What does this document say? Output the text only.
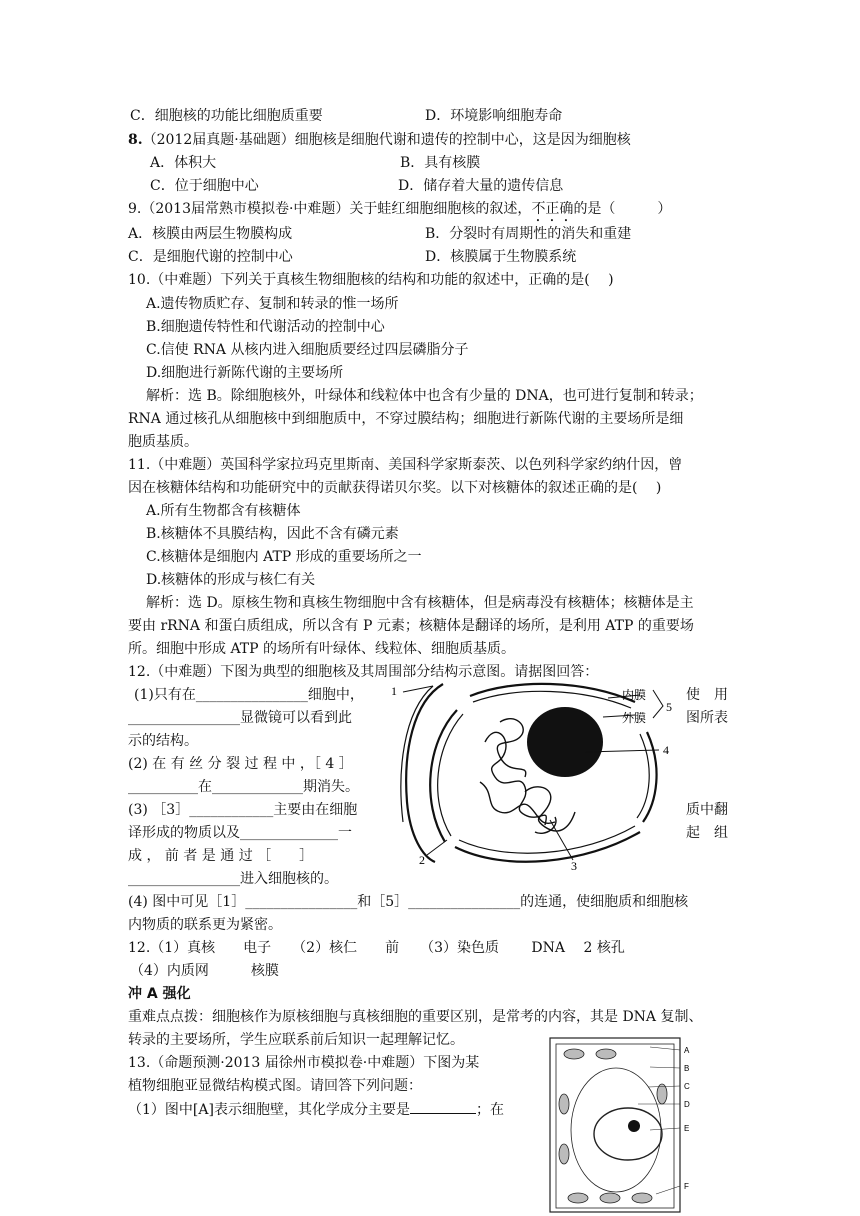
C．细胞核的功能比细胞质重要	D．环境影响细胞寿命
8.（2012届真题·基础题）细胞核是细胞代谢和遗传的控制中心，这是因为细胞核
A．体积大	B．具有核膜
C．位于细胞中心	D．储存着大量的遗传信息
9.（2013届常熟市模拟卷·中难题）关于蛙红细胞细胞核的叙述，不正确的是（　　　）
A．核膜由两层生物膜构成	B．分裂时有周期性的消失和重建
C．是细胞代谢的控制中心	D．核膜属于生物膜系统
10.（中难题）下列关于真核生物细胞核的结构和功能的叙述中，正确的是(　 )
A.遗传物质贮存、复制和转录的惟一场所
B.细胞遗传特性和代谢活动的控制中心
C.信使 RNA 从核内进入细胞质要经过四层磷脂分子
D.细胞进行新陈代谢的主要场所
解析：选 B。除细胞核外，叶绿体和线粒体中也含有少量的 DNA，也可进行复制和转录；
RNA 通过核孔从细胞核中到细胞质中，不穿过膜结构；细胞进行新陈代谢的主要场所是细
胞质基质。
11.（中难题）英国科学家拉玛克里斯南、美国科学家斯泰茨、以色列科学家约纳什因，曾
因在核糖体结构和功能研究中的贡献获得诺贝尔奖。以下对核糖体的叙述正确的是(　 )
A.所有生物都含有核糖体
B.核糖体不具膜结构，因此不含有磷元素
C.核糖体是细胞内 ATP 形成的重要场所之一
D.核糖体的形成与核仁有关
解析：选 D。原核生物和真核生物细胞中含有核糖体，但是病毒没有核糖体；核糖体是主
要由 rRNA 和蛋白质组成，所以含有 P 元素；核糖体是翻译的场所，是利用 ATP 的重要场
所。细胞中形成 ATP 的场所有叶绿体、线粒体、细胞质基质。
12.（中难题）下图为典型的细胞核及其周围部分结构示意图。请据图回答：
(1)只有在________________细胞中，
________________显微镜可以看到此
示的结构。
使　用
图所表
(2) 在 有 丝 分 裂 过 程 中 ，［ 4 ］
__________在_____________期消失。
(3) ［3］____________主要由在细胞
译形成的物质以及______________一
成 ， 前 者 是 通 过 ［　　］
________________进入细胞核的。
质中翻
起　组
(4) 图中可见［1］________________和［5］________________的连通，使细胞质和细胞核
内物质的联系更为紧密。
12.（1）真核　　电子　　（2）核仁　　前　　（3）染色质　　 DNA　 2 核孔
（4）内质网　　　核膜
1	内膜
外膜
5
4
2	3
冲 A 强化
重难点点拨：细胞核作为原核细胞与真核细胞的重要区别，是常考的内容，其是 DNA 复制、
转录的主要场所，学生应联系前后知识一起理解记忆。
13.（命题预测·2013 届徐州市模拟卷·中难题）下图为某
植物细胞亚显微结构模式图。请回答下列问题：
（1）图中[A]表示细胞壁，其化学成分主要是	；在
A
B
C
D
E
F
